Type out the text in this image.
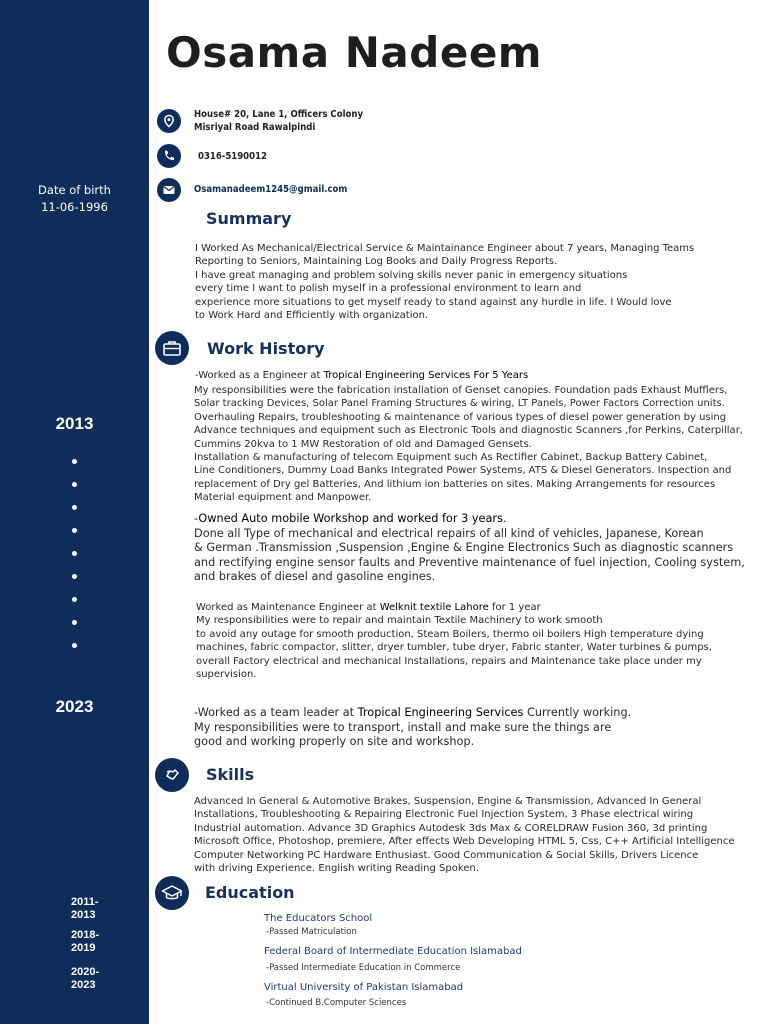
Date of birth
11-06-1996
2013
2023
2011-
2013
2018-
2019
2020-
2023
Osama Nadeem
House# 20, Lane 1, Officers Colony
Misriyal Road Rawalpindi
0316-5190012
Osamanadeem1245@gmail.com
Summary
I Worked As Mechanical/Electrical Service & Maintainance Engineer about 7 years, Managing Teams
Reporting to Seniors, Maintaining Log Books and Daily Progress Reports.
I have great managing and problem solving skills never panic in emergency situations
every time I want to polish myself in a professional environment to learn and
experience more situations to get myself ready to stand against any hurdle in life. I Would love
to Work Hard and Efficiently with organization.
Work History
-Worked as a Engineer at Tropical Engineering Services For 5 Years
My responsibilities were the fabrication installation of Genset canopies. Foundation pads Exhaust Mufflers,
Solar tracking Devices, Solar Panel Framing Structures & wiring, LT Panels, Power Factors Correction units.
Overhauling Repairs, troubleshooting & maintenance of various types of diesel power generation by using
Advance techniques and equipment such as Electronic Tools and diagnostic Scanners ,for Perkins, Caterpillar,
Cummins 20kva to 1 MW Restoration of old and Damaged Gensets.
Installation & manufacturing of telecom Equipment such As Rectifier Cabinet, Backup Battery Cabinet,
Line Conditioners, Dummy Load Banks Integrated Power Systems, ATS & Diesel Generators. Inspection and
replacement of Dry gel Batteries, And lithium ion batteries on sites. Making Arrangements for resources
Material equipment and Manpower.
-Owned Auto mobile Workshop and worked for 3 years.
Done all Type of mechanical and electrical repairs of all kind of vehicles, Japanese, Korean
& German .Transmission ,Suspension ,Engine & Engine Electronics Such as diagnostic scanners
and rectifying engine sensor faults and Preventive maintenance of fuel injection, Cooling system,
and brakes of diesel and gasoline engines.
Worked as Maintenance Engineer at Welknit textile Lahore for 1 year
My responsibilities were to repair and maintain Textile Machinery to work smooth
to avoid any outage for smooth production, Steam Boilers, thermo oil boilers High temperature dying
machines, fabric compactor, slitter, dryer tumbler, tube dryer, Fabric stanter, Water turbines & pumps,
overall Factory electrical and mechanical Installations, repairs and Maintenance take place under my
supervision.
-Worked as a team leader at Tropical Engineering Services Currently working.
My responsibilities were to transport, install and make sure the things are
good and working properly on site and workshop.
Skills
Advanced In General & Automotive Brakes, Suspension, Engine & Transmission, Advanced In General
Installations, Troubleshooting & Repairing Electronic Fuel Injection System, 3 Phase electrical wiring
Industrial automation. Advance 3D Graphics Autodesk 3ds Max & CORELDRAW Fusion 360, 3d printing
Microsoft Office, Photoshop, premiere, After effects Web Developing HTML 5, Css, C++ Artificial Intelligence
Computer Networking PC Hardware Enthusiast. Good Communication & Social Skills, Drivers Licence
with driving Experience. English writing Reading Spoken.
Education
The Educators School
-Passed Matriculation
Federal Board of Intermediate Education Islamabad
-Passed Intermediate Education in Commerce
Virtual University of Pakistan Islamabad
-Continued B.Computer Sciences
